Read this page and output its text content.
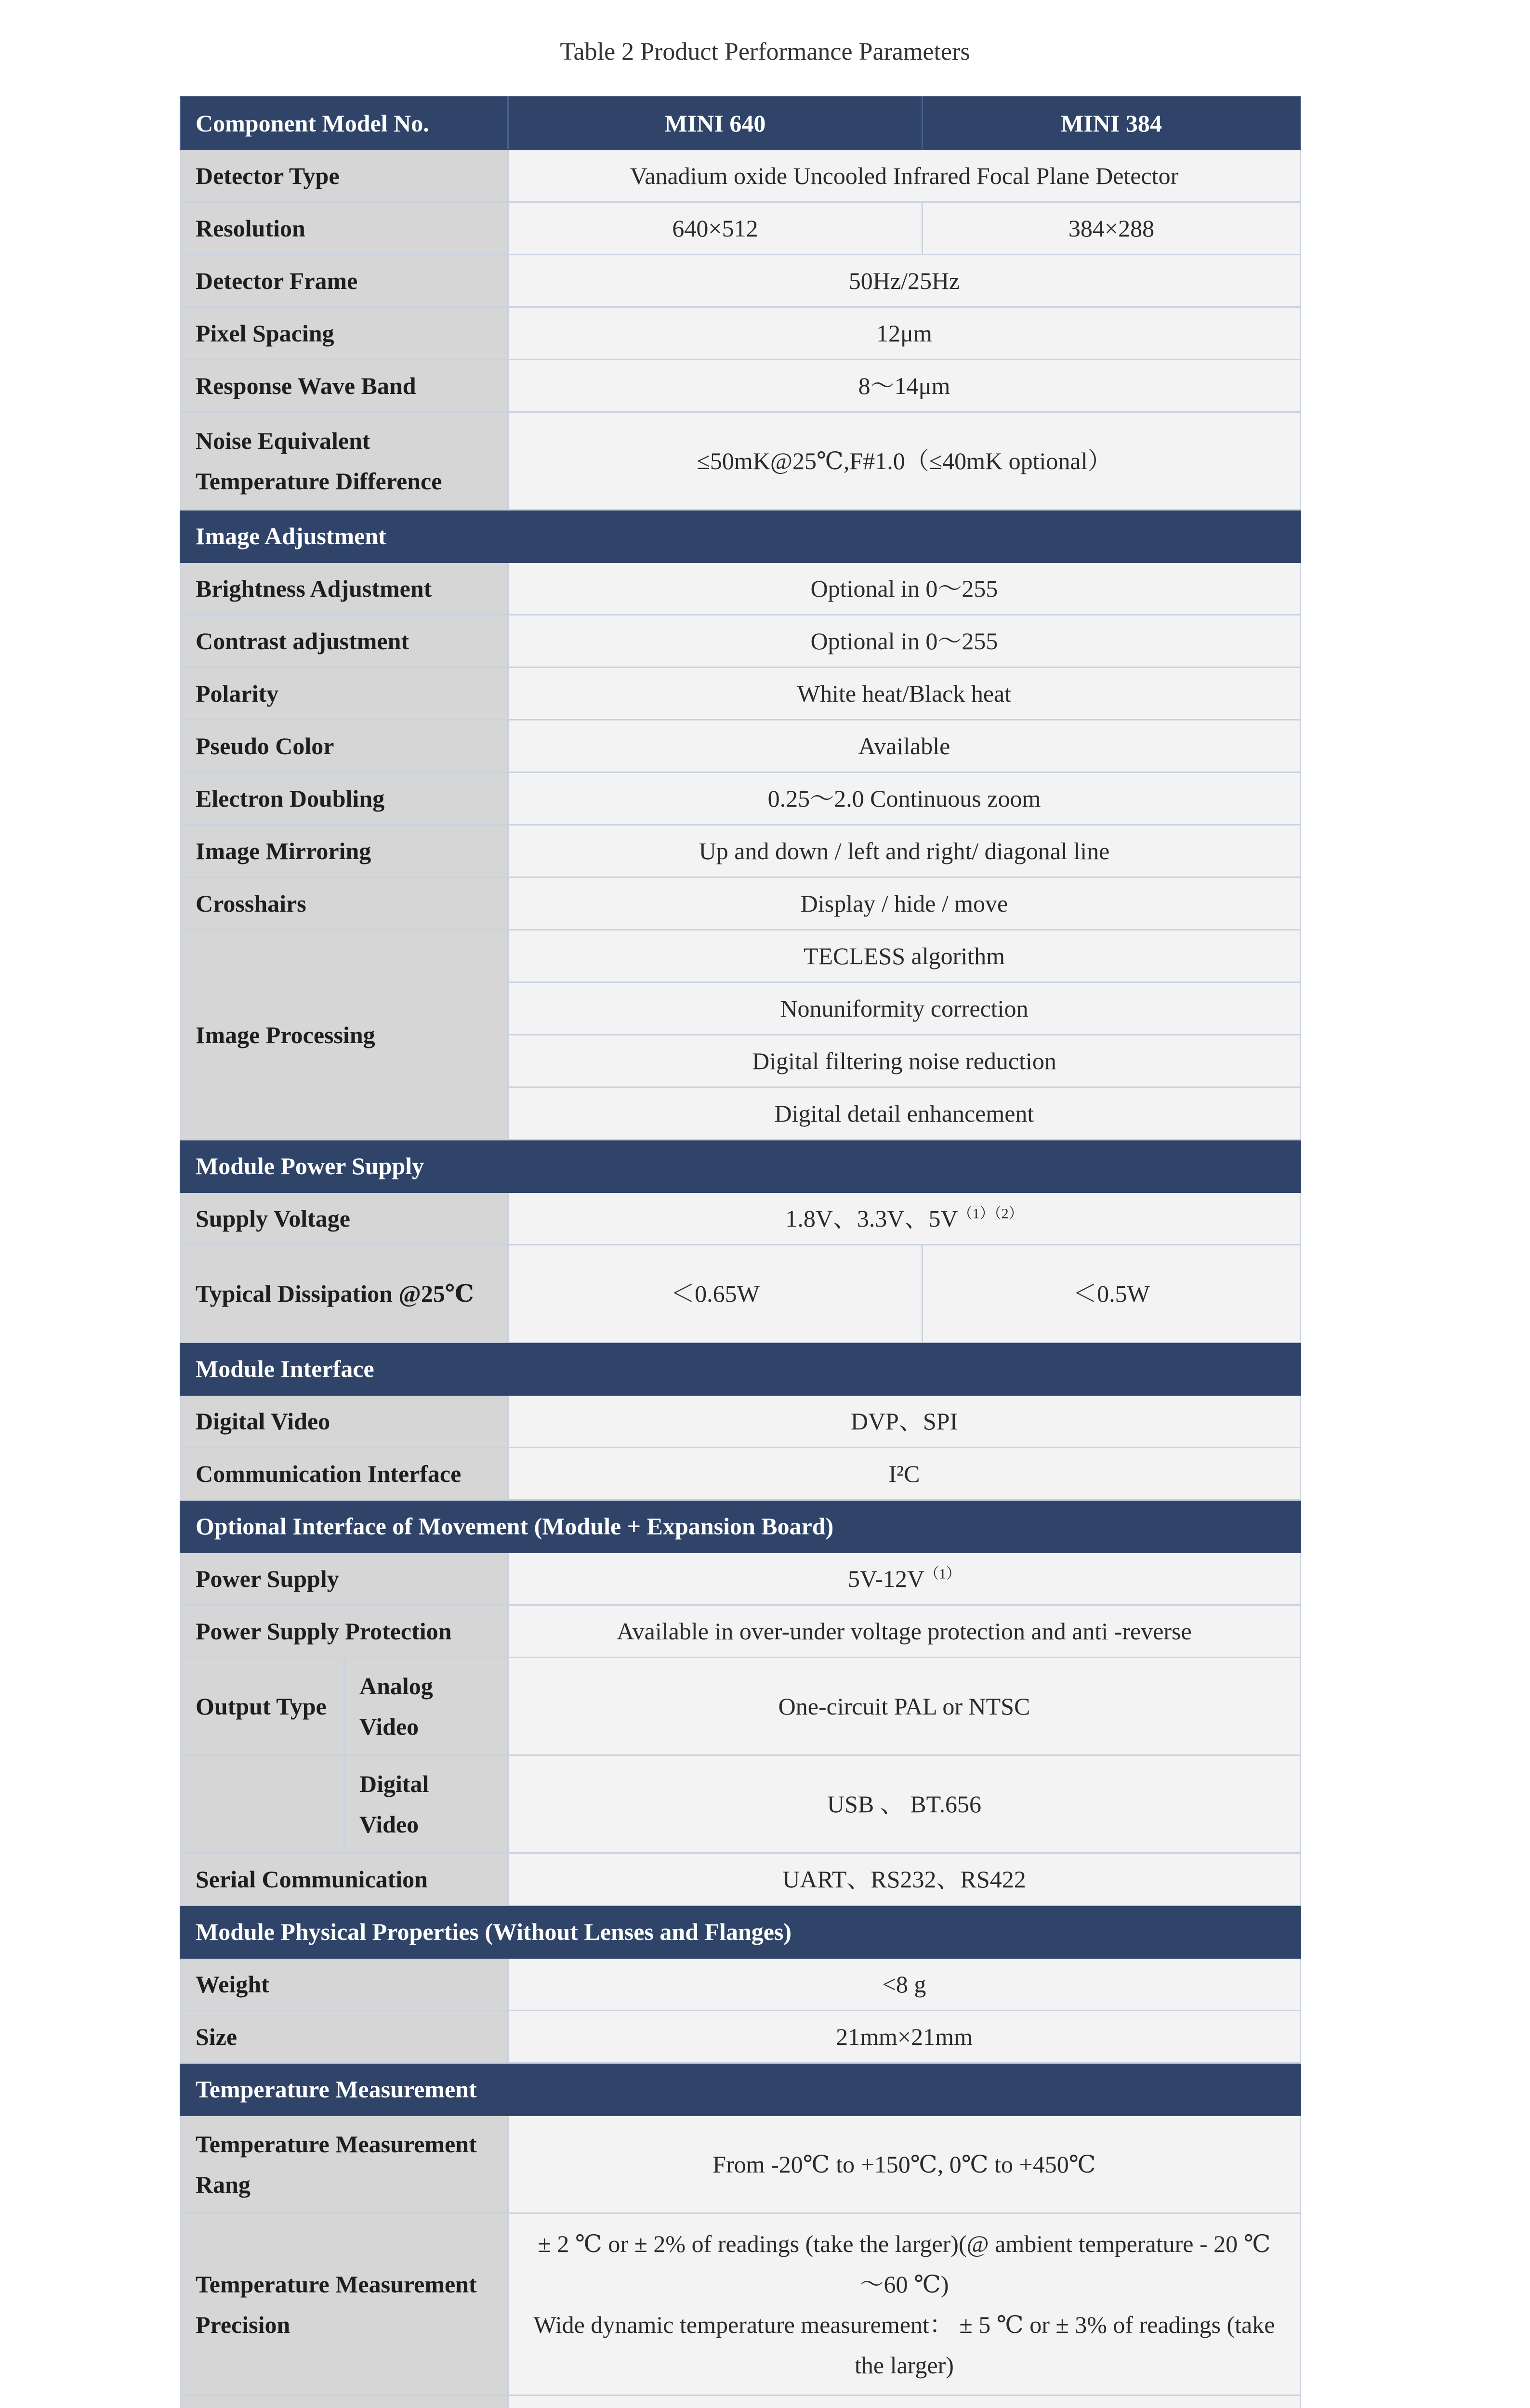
Table 2 Product Performance Parameters
Component Model No.		MINI 640	MINI 384
Detector Type		Vanadium oxide Uncooled Infrared Focal Plane Detector	
Resolution		640×512	384×288
Detector Frame		50Hz/25Hz	
Pixel Spacing		12μm	
Response Wave Band		8～14μm	
Noise Equivalent Temperature Difference		≤50mK@25℃,F#1.0（≤40mK optional）	
Image Adjustment			
Brightness Adjustment		Optional in 0～255	
Contrast adjustment		Optional in 0～255	
Polarity		White heat/Black heat	
Pseudo Color		Available	
Electron Doubling		0.25～2.0 Continuous zoom	
Image Mirroring		Up and down / left and right/ diagonal line	
Crosshairs		Display / hide / move	
Image Processing		TECLESS algorithm	
		Nonuniformity correction	
		Digital filtering noise reduction	
		Digital detail enhancement	
Module Power Supply			
Supply Voltage		1.8V、3.3V、$5V^{(1)(2)}$
Typical Dissipation @25℃		＜0.65W	＜0.5W
Module Interface			
Digital Video		DVP、SPI	
Communication Interface		I²C	
Optional Interface of Movement (Module + Expansion Board)			
Power Supply		$5V-12V^{(1)}$
Power Supply Protection		Available in over-under voltage protection and anti -reverse	
Output Type	Analog Video	One-circuit PAL or NTSC	
	Digital Video	USB 、 BT.656	
Serial Communication		UART、RS232、RS422	
Module Physical Properties (Without Lenses and Flanges)			
Weight		<8 g	
Size		21mm×21mm	
Temperature Measurement			
Temperature Measurement Rang		From -20℃ to +150℃, 0℃ to +450℃	
Temperature Measurement Precision		± 2 ℃ or ± 2% of readings (take the larger)(@ ambient temperature - 20 ℃ ～60 ℃)
Wide dynamic temperature measurement： ± 5 ℃ or ± 3% of readings (take the larger)	
